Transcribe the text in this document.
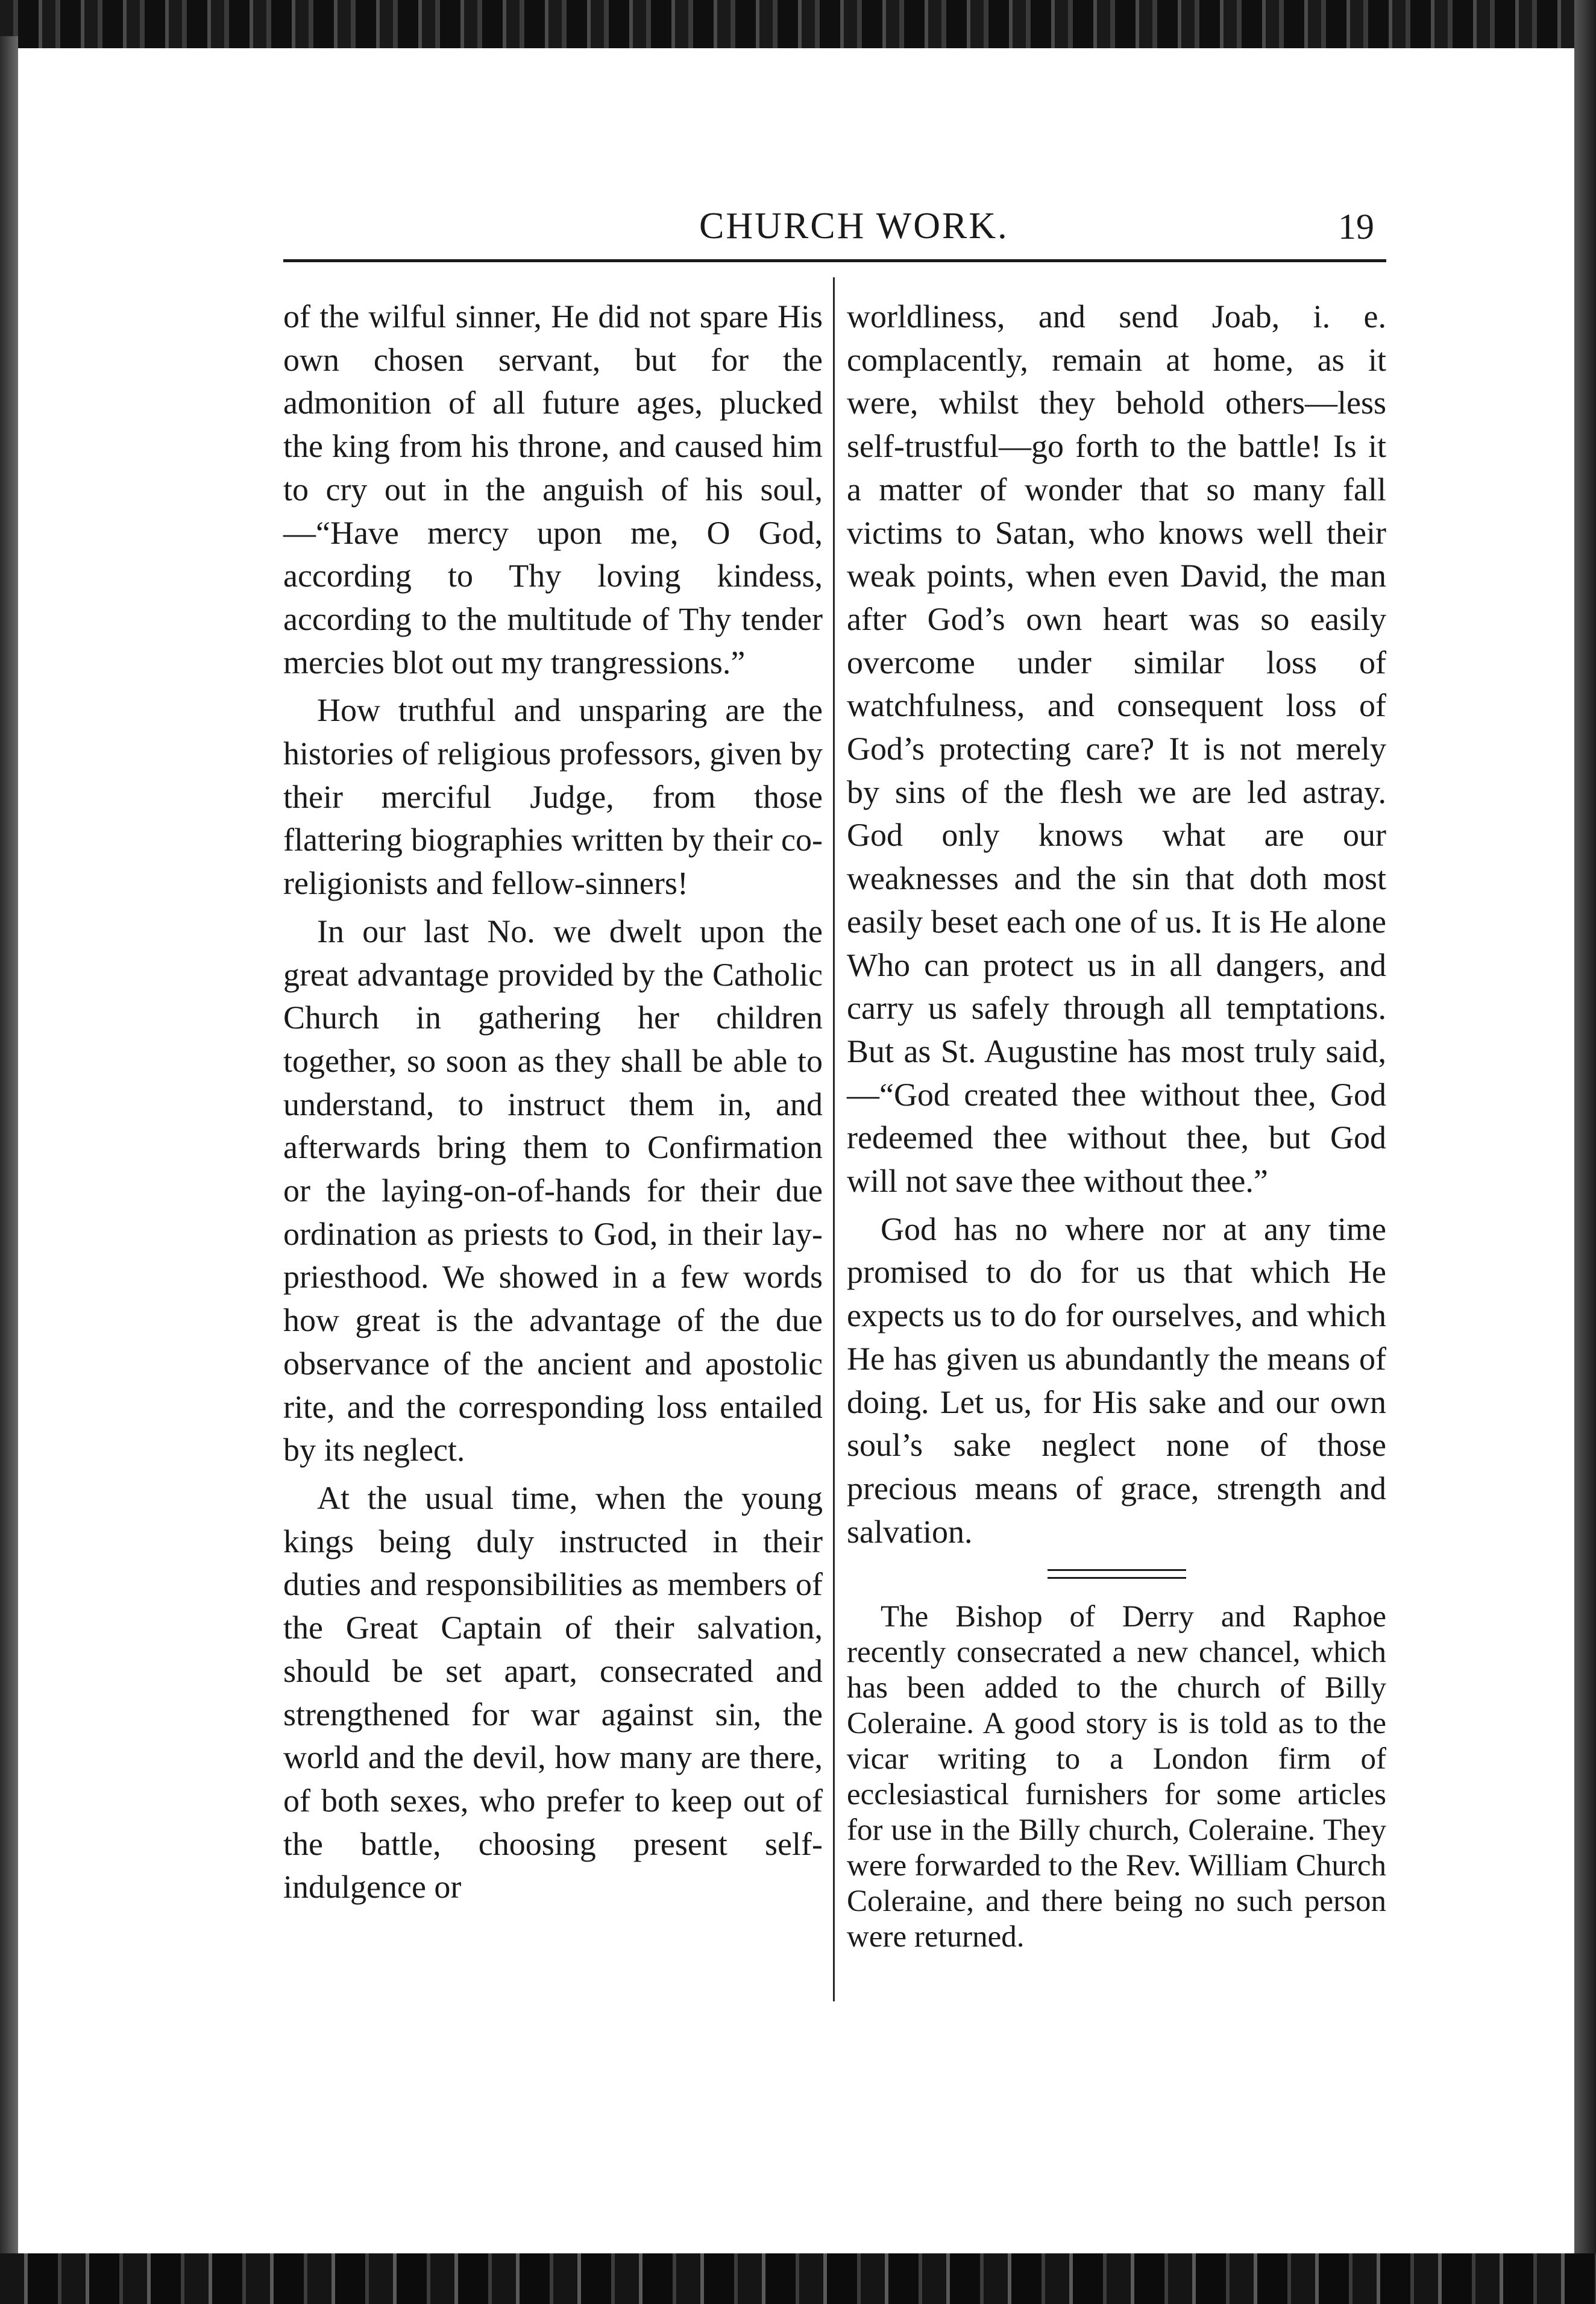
CHURCH WORK.	19

of the wilful sinner, He did not spare His own chosen servant, but for the admonition of all future ages, plucked the king from his throne, and caused him to cry out in the anguish of his soul,—“Have mercy upon me, O God, according to Thy loving kindess, according to the multitude of Thy tender mercies blot out my trangressions.”

How truthful and unsparing are the histories of religious professors, given by their merciful Judge, from those flattering biographies written by their co-religionists and fellow-sinners!

In our last No. we dwelt upon the great advantage provided by the Catholic Church in gathering her children together, so soon as they shall be able to understand, to instruct them in, and afterwards bring them to Confirmation or the laying-on-of-hands for their due ordination as priests to God, in their lay-priesthood. We showed in a few words how great is the advantage of the due observance of the ancient and apostolic rite, and the corresponding loss entailed by its neglect.

At the usual time, when the young kings being duly instructed in their duties and responsibilities as members of the Great Captain of their salvation, should be set apart, consecrated and strengthened for war against sin, the world and the devil, how many are there, of both sexes, who prefer to keep out of the battle, choosing present self-indulgence or

worldliness, and send Joab, i. e. complacently, remain at home, as it were, whilst they behold others—less self-trustful—go forth to the battle! Is it a matter of wonder that so many fall victims to Satan, who knows well their weak points, when even David, the man after God’s own heart was so easily overcome under similar loss of watchfulness, and consequent loss of God’s protecting care? It is not merely by sins of the flesh we are led astray. God only knows what are our weaknesses and the sin that doth most easily beset each one of us. It is He alone Who can protect us in all dangers, and carry us safely through all temptations. But as St. Augustine has most truly said,—“God created thee without thee, God redeemed thee without thee, but God will not save thee without thee.”

God has no where nor at any time promised to do for us that which He expects us to do for ourselves, and which He has given us abundantly the means of doing. Let us, for His sake and our own soul’s sake neglect none of those precious means of grace, strength and salvation.

The Bishop of Derry and Raphoe recently consecrated a new chancel, which has been added to the church of Billy Coleraine. A good story is is told as to the vicar writing to a London firm of ecclesiastical furnishers for some articles for use in the Billy church, Coleraine. They were forwarded to the Rev. William Church Coleraine, and there being no such person were returned.
